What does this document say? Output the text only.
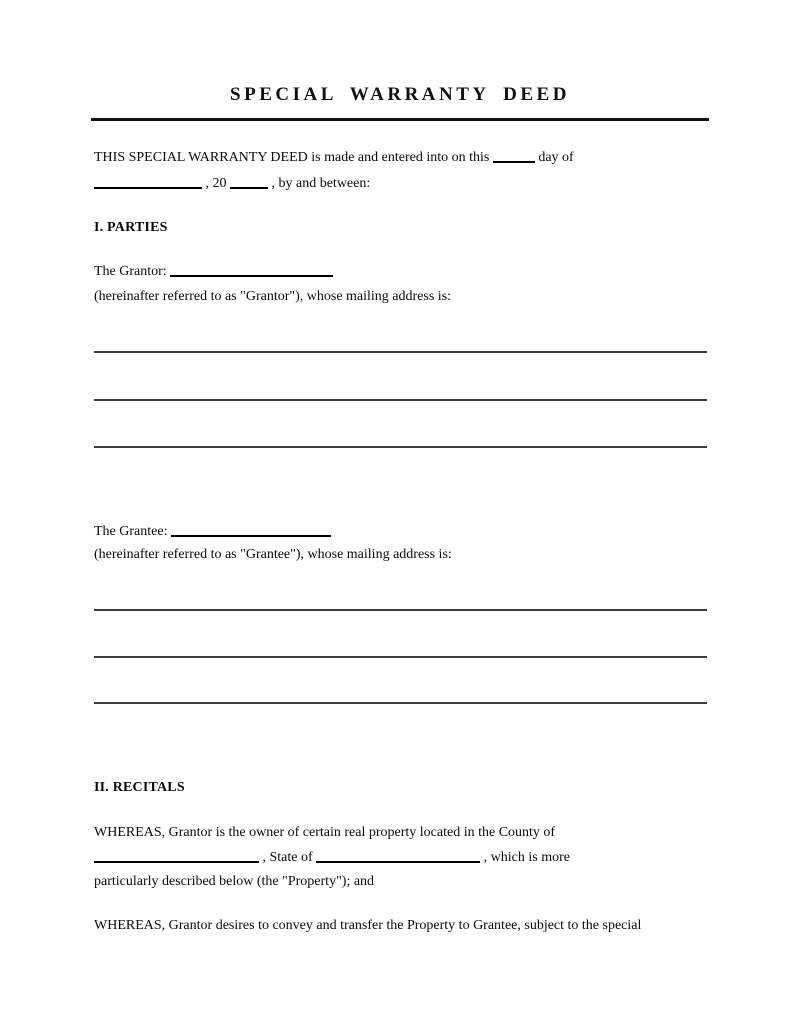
SPECIAL WARRANTY DEED
THIS SPECIAL WARRANTY DEED is made and entered into on this	day of
, 20	, by and between:
I. PARTIES
The Grantor:
(hereinafter referred to as "Grantor"), whose mailing address is:
The Grantee:
(hereinafter referred to as "Grantee"), whose mailing address is:
II. RECITALS
WHEREAS, Grantor is the owner of certain real property located in the County of
, State of	, which is more
particularly described below (the "Property"); and
WHEREAS, Grantor desires to convey and transfer the Property to Grantee, subject to the special
